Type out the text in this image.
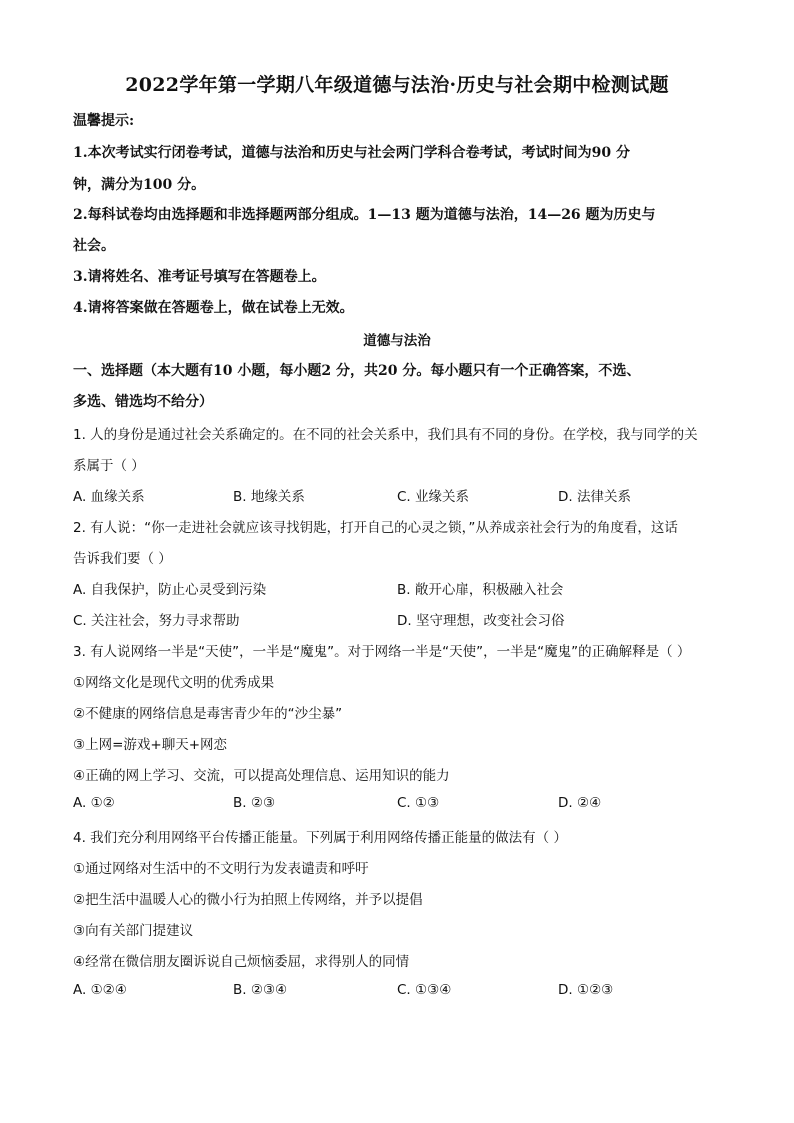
2022学年第一学期八年级道德与法治·历史与社会期中检测试题
温馨提示:
1.本次考试实行闭卷考试，道德与法治和历史与社会两门学科合卷考试，考试时间为90 分
钟，满分为100 分。
2.每科试卷均由选择题和非选择题两部分组成。1—13 题为道德与法治，14—26 题为历史与
社会。
3.请将姓名、准考证号填写在答题卷上。
4.请将答案做在答题卷上，做在试卷上无效。
道德与法治
一、选择题（本大题有10 小题，每小题2 分，共20 分。每小题只有一个正确答案，不选、
多选、错选均不给分）
1. 人的身份是通过社会关系确定的。在不同的社会关系中，我们具有不同的身份。在学校，我与同学的关
系属于（ ）
A. 血缘关系	B. 地缘关系	C. 业缘关系	D. 法律关系
2. 有人说：“你一走进社会就应该寻找钥匙，打开自己的心灵之锁，”从养成亲社会行为的角度看，这话
告诉我们要（ ）
A. 自我保护，防止心灵受到污染	B. 敞开心扉，积极融入社会
C. 关注社会，努力寻求帮助	D. 坚守理想，改变社会习俗
3. 有人说网络一半是“天使”，一半是“魔鬼”。对于网络一半是“天使”，一半是“魔鬼”的正确解释是（ ）
①网络文化是现代文明的优秀成果
②不健康的网络信息是毒害青少年的“沙尘暴”
③上网=游戏+聊天+网恋
④正确的网上学习、交流，可以提高处理信息、运用知识的能力
A. ①②	B. ②③	C. ①③	D. ②④
4. 我们充分利用网络平台传播正能量。下列属于利用网络传播正能量的做法有（ ）
①通过网络对生活中的不文明行为发表谴责和呼吁
②把生活中温暖人心的微小行为拍照上传网络，并予以提倡
③向有关部门提建议
④经常在微信朋友圈诉说自己烦恼委屈，求得别人的同情
A. ①②④	B. ②③④	C. ①③④	D. ①②③
